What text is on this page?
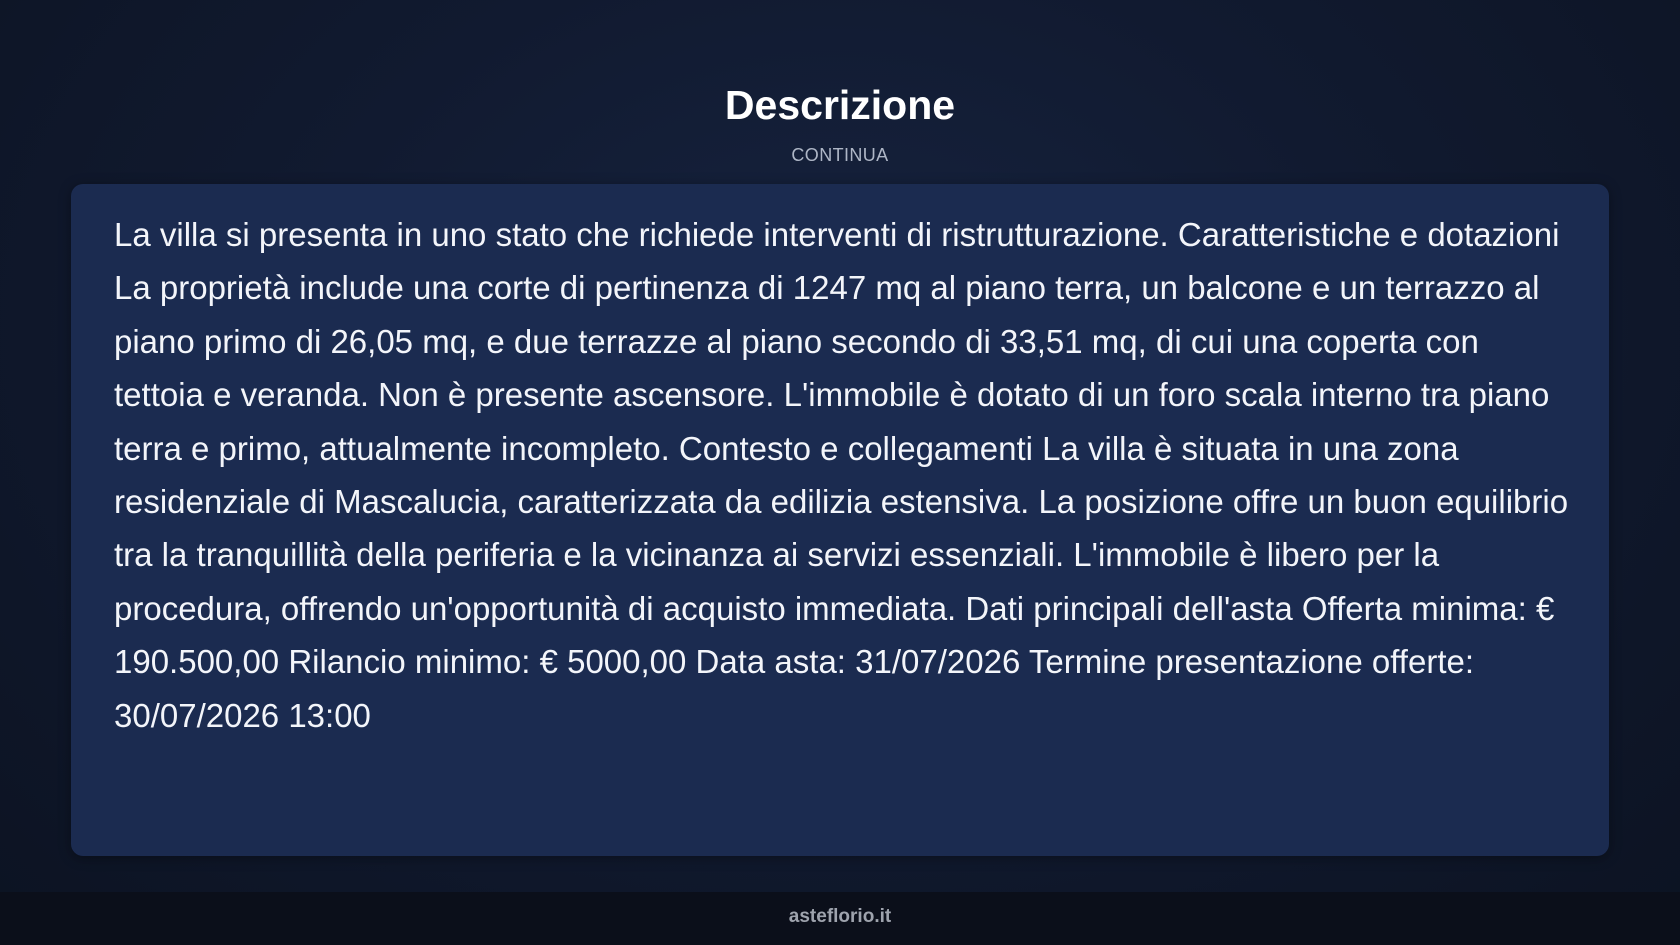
Descrizione
CONTINUA

La villa si presenta in uno stato che richiede interventi di ristrutturazione. Caratteristiche e dotazioni La proprietà include una corte di pertinenza di 1247 mq al piano terra, un balcone e un terrazzo al piano primo di 26,05 mq, e due terrazze al piano secondo di 33,51 mq, di cui una coperta con tettoia e veranda. Non è presente ascensore. L'immobile è dotato di un foro scala interno tra piano terra e primo, attualmente incompleto. Contesto e collegamenti La villa è situata in una zona residenziale di Mascalucia, caratterizzata da edilizia estensiva. La posizione offre un buon equilibrio tra la tranquillità della periferia e la vicinanza ai servizi essenziali. L'immobile è libero per la procedura, offrendo un'opportunità di acquisto immediata. Dati principali dell'asta Offerta minima: € 190.500,00 Rilancio minimo: € 5000,00 Data asta: 31/07/2026 Termine presentazione offerte: 30/07/2026 13:00

asteflorio.it
